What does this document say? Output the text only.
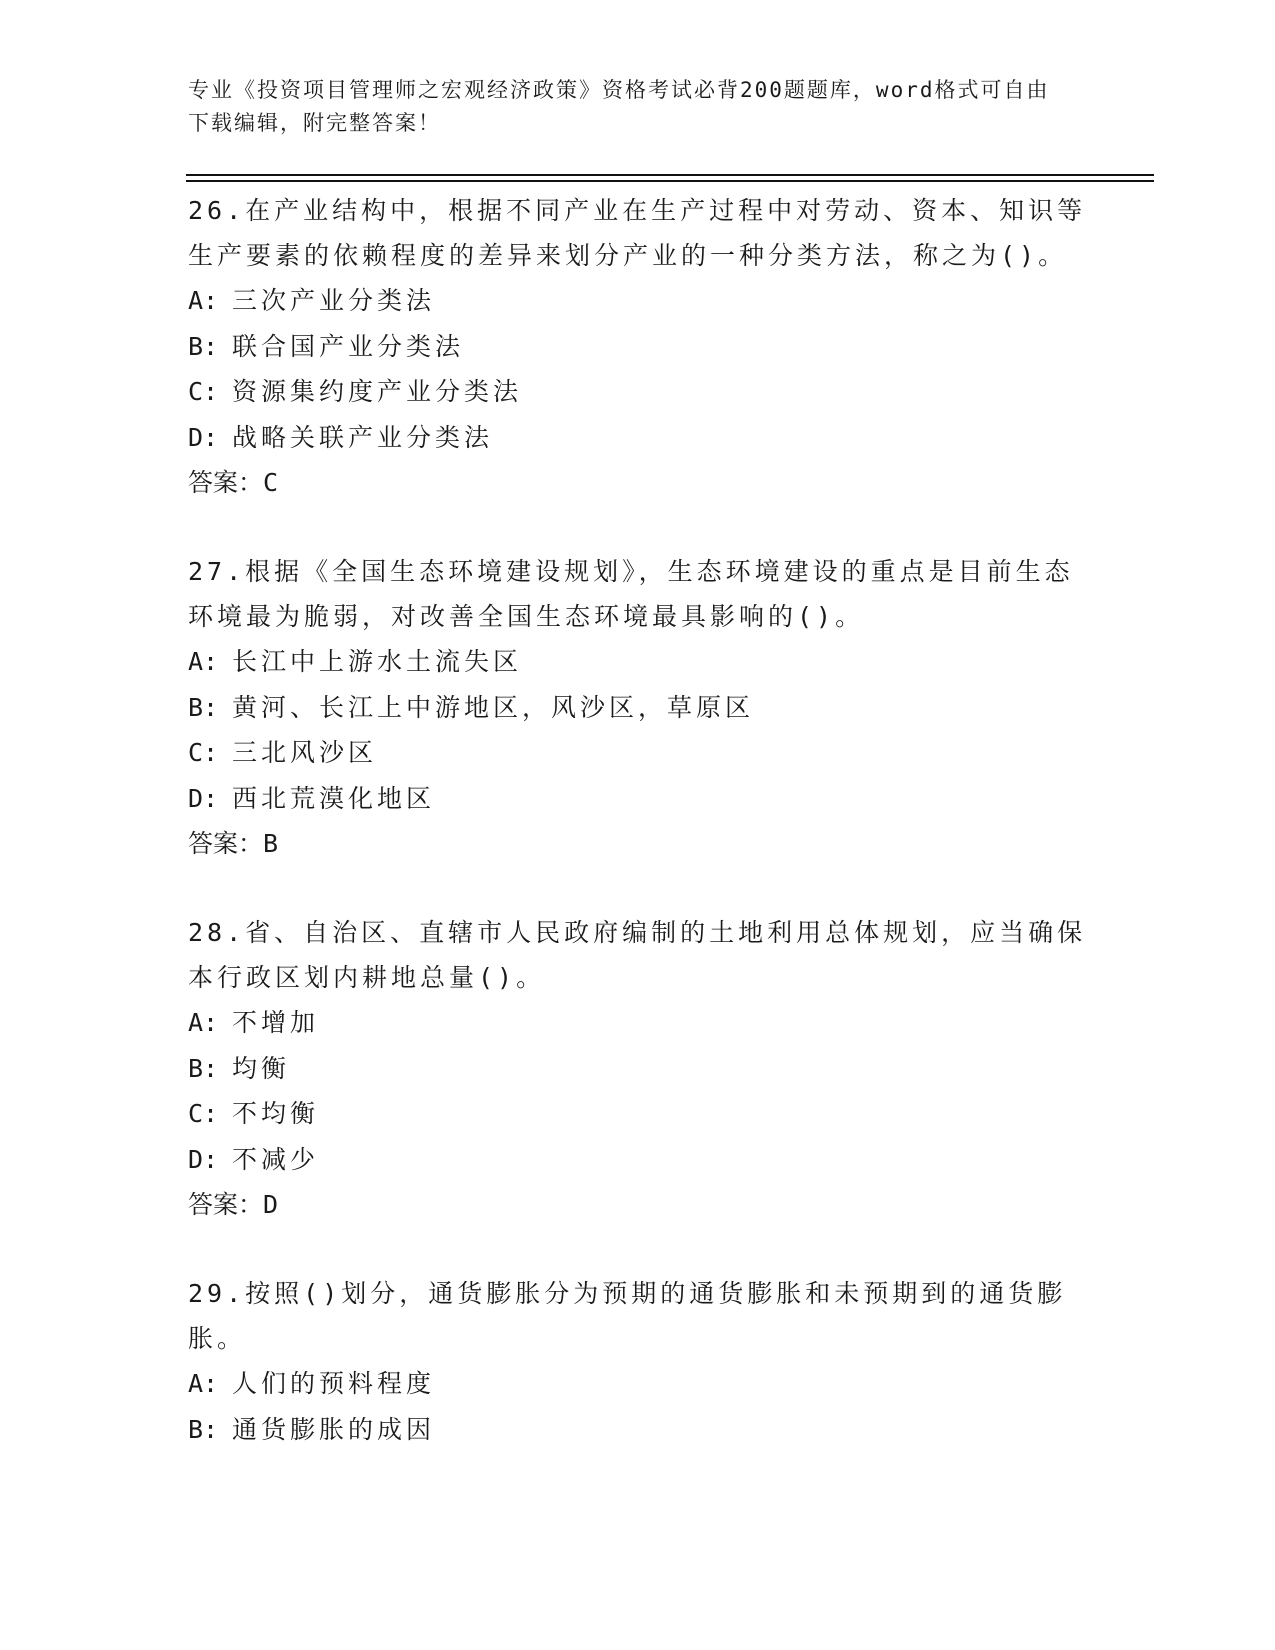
专业《投资项目管理师之宏观经济政策》资格考试必背200题题库，word格式可自由下载编辑，附完整答案！

26.在产业结构中，根据不同产业在生产过程中对劳动、资本、知识等生产要素的依赖程度的差异来划分产业的一种分类方法，称之为()。

A: 三次产业分类法
B: 联合国产业分类法
C: 资源集约度产业分类法
D: 战略关联产业分类法
答案：C

27.根据《全国生态环境建设规划》，生态环境建设的重点是目前生态环境最为脆弱，对改善全国生态环境最具影响的()。

A: 长江中上游水土流失区
B: 黄河、长江上中游地区，风沙区，草原区
C: 三北风沙区
D: 西北荒漠化地区
答案：B

28.省、自治区、直辖市人民政府编制的土地利用总体规划，应当确保本行政区划内耕地总量()。

A: 不增加
B: 均衡
C: 不均衡
D: 不减少
答案：D

29.按照()划分，通货膨胀分为预期的通货膨胀和未预期到的通货膨胀。

A: 人们的预料程度
B: 通货膨胀的成因
